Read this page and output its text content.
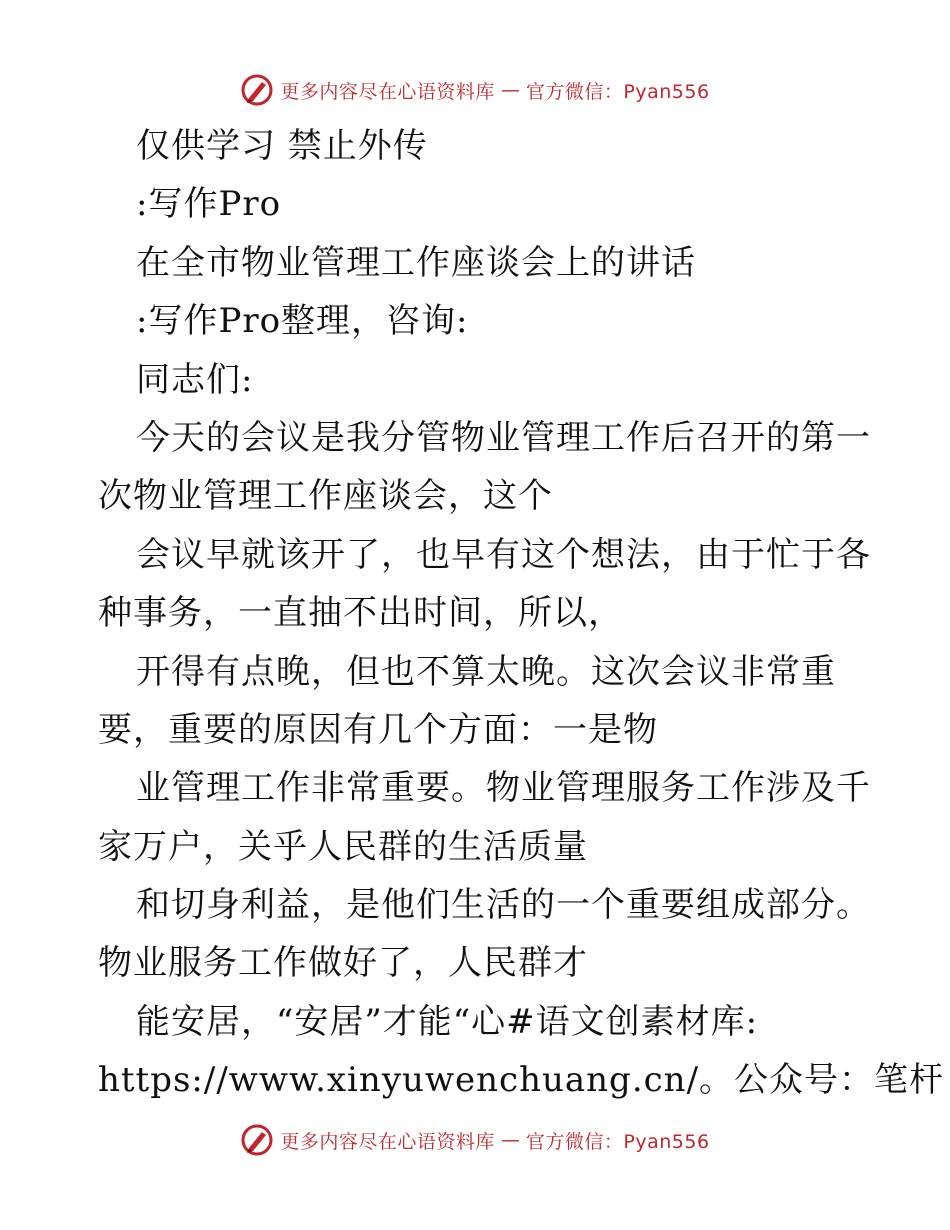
更多内容尽在心语资料库 — 官方微信：Pyan556
仅供学习 禁止外传
:写作Pro
在全市物业管理工作座谈会上的讲话
:写作Pro整理，咨询:
同志们:
今天的会议是我分管物业管理工作后召开的第一
次物业管理工作座谈会，这个
会议早就该开了，也早有这个想法，由于忙于各
种事务，一直抽不出时间，所以，
开得有点晚，但也不算太晚。这次会议非常重
要，重要的原因有几个方面：一是物
业管理工作非常重要。物业管理服务工作涉及千
家万户，关乎人民群的生活质量
和切身利益，是他们生活的一个重要组成部分。
物业服务工作做好了，人民群才
能安居，“安居”才能“心#语文创素材库:
https://www.xinyuwenchuang.cn/。公众号：笔杆
更多内容尽在心语资料库 — 官方微信：Pyan556
